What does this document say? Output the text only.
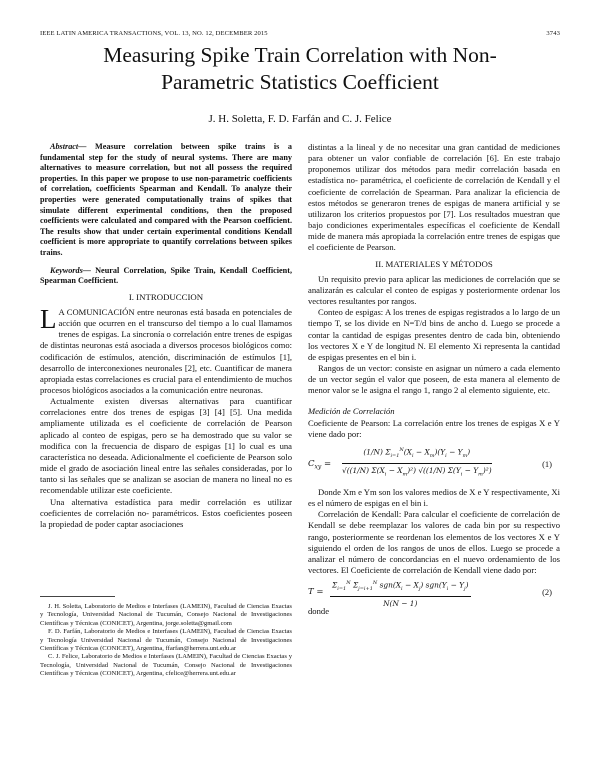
IEEE LATIN AMERICA TRANSACTIONS, VOL. 13, NO. 12, DECEMBER 2015	3743
Measuring Spike Train Correlation with Non-
Parametric Statistics Coefficient
J. H. Soletta, F. D. Farfán and C. J. Felice

Abstract— Measure correlation between spike trains is a fundamental step for the study of neural systems. There are many alternatives to measure correlation, but not all possess the required properties. In this paper we propose to use non-parametric coefficients of correlation, coefficients Spearman and Kendall. To analyze their properties were generated computationally trains of spikes that simulate different experimental conditions, then the proposed coefficients were calculated and compared with the Pearson coefficient. The results show that under certain experimental conditions Kendall coefficient is more appropriate to quantify correlations between spikes trains.

Keywords— Neural Correlation, Spike Train, Kendall Coefficient, Spearman Coefficient.

I. INTRODUCCION

L A COMUNICACIÓN entre neuronas está basada en potenciales de acción que ocurren en el transcurso del tiempo a lo cual llamamos trenes de espigas. La sincronía o correlación entre trenes de espigas de distintas neuronas está asociada a diversos procesos biológicos como: codificación de estímulos, atención, discriminación de estímulos [1], desarrollo de interconexiones neuronales [2], etc. Cuantificar de manera apropiada estas correlaciones es crucial para el entendimiento de muchos procesos biológicos asociados a la comunicación entre neuronas.

Actualmente existen diversas alternativas para cuantificar correlaciones entre dos trenes de espigas [3] [4] [5]. Una medida ampliamente utilizada es el coeficiente de correlación de Pearson aplicado al conteo de espigas, pero se ha demostrado que su valor se modifica con la frecuencia de disparo de espigas [1] lo cual es una característica no deseada. Adicionalmente el coeficiente de Pearson solo mide el grado de asociación lineal entre las señales consideradas, por lo tanto si las señales que se analizan se asocian de manera no lineal no es recomendable utilizar este coeficiente.

Una alternativa estadística para medir correlación es utilizar coeficientes de correlación no- paramétricos. Estos coeficientes poseen la propiedad de poder captar asociaciones

J. H. Soletta, Laboratorio de Medios e Interfases (LAMEIN), Facultad de Ciencias Exactas y Tecnología, Universidad Nacional de Tucumán, Consejo Nacional de Investigaciones Científicas y Técnicas (CONICET), Argentina, jorge.soletta@gmail.com

F. D. Farfán, Laboratorio de Medios e Interfases (LAMEIN), Facultad de Ciencias Exactas y Tecnología Universidad Nacional de Tucumán, Consejo Nacional de Investigaciones Científicas y Técnicas (CONICET), Argentina, ffarfan@herrera.unt.edu.ar

C. J. Felice, Laboratorio de Medios e Interfases (LAMEIN), Facultad de Ciencias Exactas y Tecnología, Universidad Nacional de Tucumán, Consejo Nacional de Investigaciones Científicas y Técnicas (CONICET), Argentina, cfelice@herrera.unt.edu.ar

distintas a la lineal y de no necesitar una gran cantidad de mediciones para obtener un valor confiable de correlación [6]. En este trabajo proponemos utilizar dos métodos para medir correlación basada en estadística no- paramétrica, el coeficiente de correlación de Kendall y el coeficiente de correlación de Spearman. Para analizar la eficiencia de estos métodos se generaron trenes de espigas de manera artificial y se utilizaron los criterios propuestos por [7]. Los resultados muestran que bajo condiciones experimentales específicas el coeficiente de Kendall mide de manera más apropiada la correlación entre trenes de espigas que el coeficiente de Pearson.

II. MATERIALES Y MÉTODOS

Un requisito previo para aplicar las mediciones de correlación que se analizarán es calcular el conteo de espigas y posteriormente ordenar los vectores resultantes por rangos.

Conteo de espigas: A los trenes de espigas registrados a lo largo de un tiempo T, se los divide en N=T/d bins de ancho d. Luego se procede a contar la cantidad de espigas presentes dentro de cada bin, obteniendo los vectores X e Y de longitud N. El elemento Xi representa la cantidad de espigas presentes en el bin i.

Rangos de un vector: consiste en asignar un número a cada elemento de un vector según el valor que poseen, de esta manera al elemento de menor valor se le asigna el rango 1, rango 2 al elemento siguiente, etc.

Medición de Correlación

Coeficiente de Pearson: La correlación entre los trenes de espigas X e Y viene dado por:

$C_{xy} = \frac{(1/N) \Sigma_{i=1}^N(X_i - X_m)(Y_i - Y_m)}{√((1/N) \Sigma(X_i - X_m)^2) √((1/N) \Sigma(Y_i - Y_m)^2)}$	(1)

Donde Xm e Ym son los valores medios de X e Y respectivamente, Xi es el número de espigas en el bin i.

Correlación de Kendall: Para calcular el coeficiente de correlación de Kendall se debe reemplazar los valores de cada bin por su respectivo rango, posteriormente se reordenan los elementos de los vectores X e Y siguiendo el orden de los rangos de unos de ellos. Luego se procede a analizar el número de concordancias en el nuevo ordenamiento de los vectores. El Coeficiente de correlación de Kendall viene dado por:

T =
$\Sigma_{i=1}^N$ $\Sigma_{j=i+1}^N$ $sgn(X_i - X_j) sgn(Y_i - Y_j)$
N(N − 1)
(2)

donde
